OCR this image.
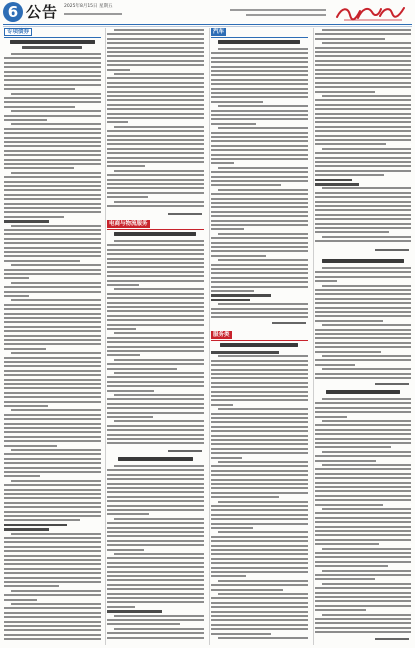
6 公告 2025年8月15日 星期五
专项债券
电商与物流服务
汽车
服务类
